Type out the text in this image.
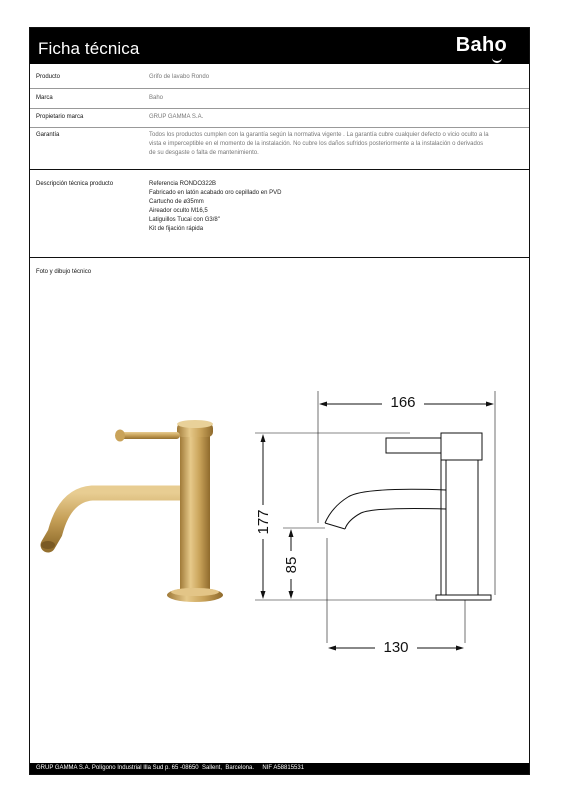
Ficha técnica	Baho
Producto	Grifo de lavabo Rondo
Marca	Baho
Propietario marca	GRUP GAMMA S.A.
Garantía	Todos los productos cumplen con la garantía según la normativa vigente . La garantía cubre cualquier defecto o vicio oculto a la
vista e imperceptible en el momento de la instalación. No cubre los daños sufridos posteriormente a la instalación o derivados
de su desgaste o falta de mantenimiento.
Descripción técnica producto	Referencia RONDO322B
Fabricado en latón acabado oro cepillado en PVD
Cartucho de ø35mm
Aireador oculto M16,5
Latiguillos Tucai con G3/8"
Kit de fijación rápida
Foto y dibujo técnico
166
177
85
130
GRUP GAMMA S.A. Polígono Industrial Illa Sud p. 65 -08650  Sallent,  Barcelona.     NIF A58815531
